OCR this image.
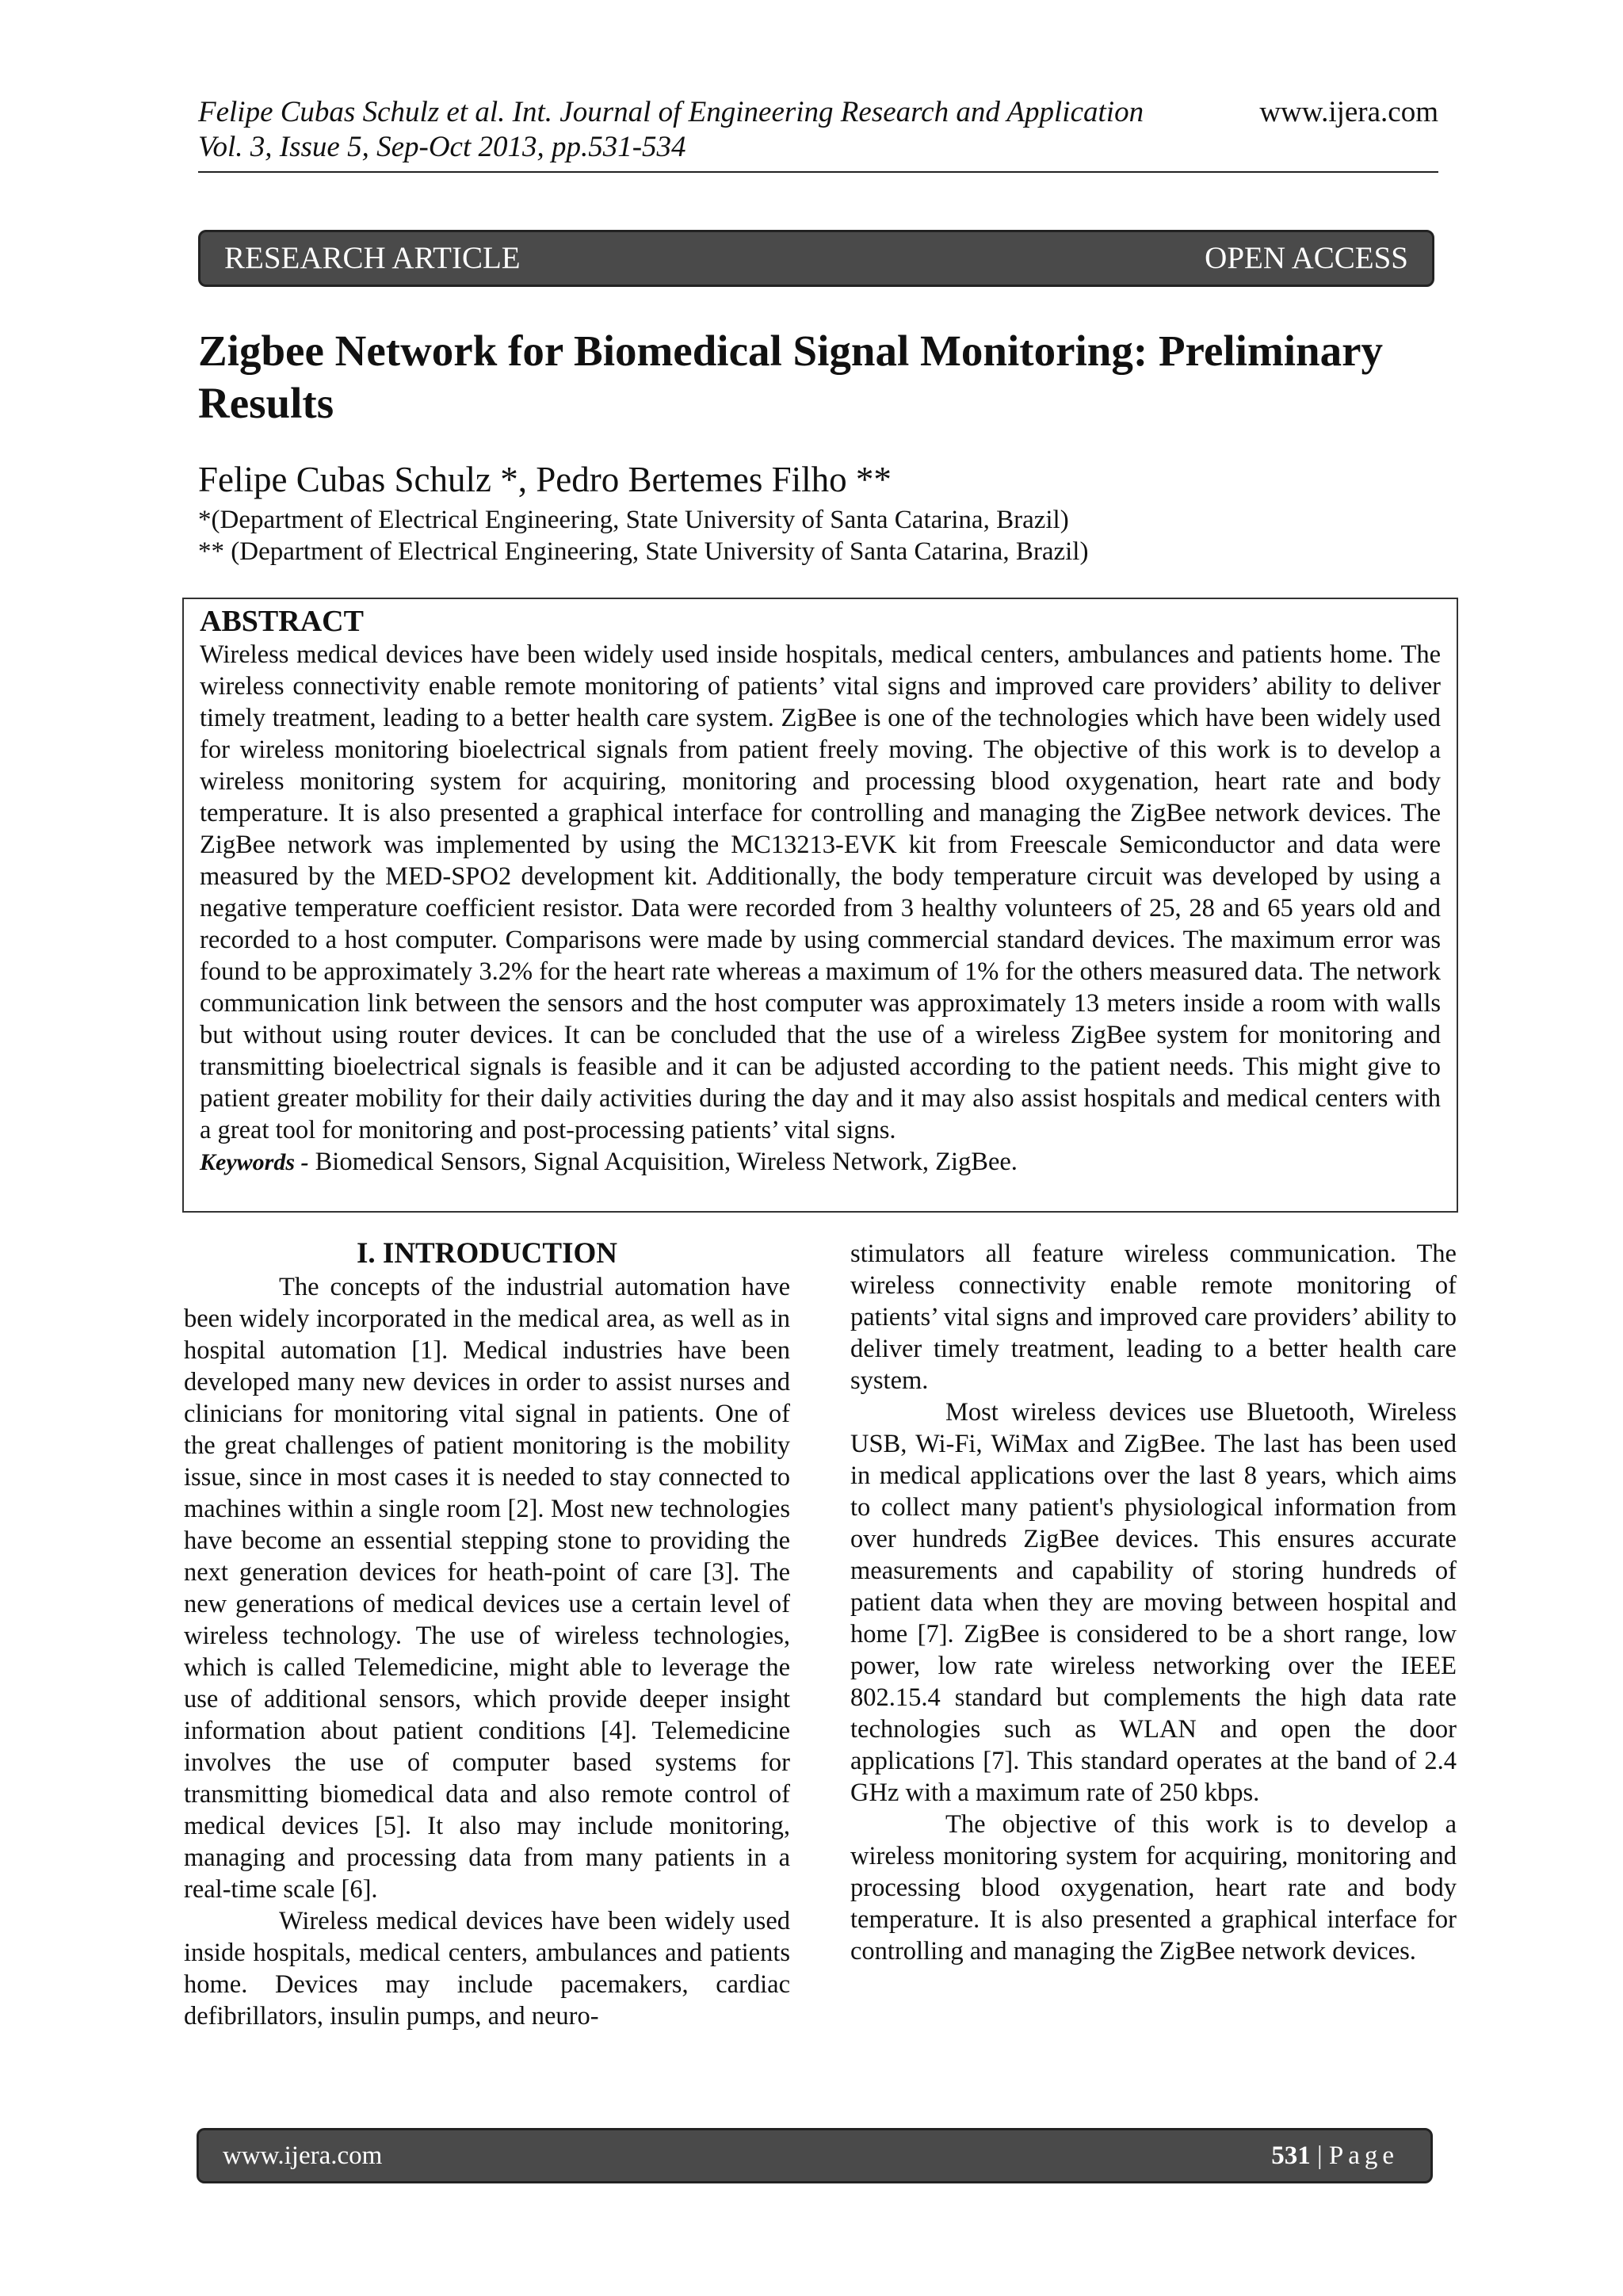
Felipe Cubas Schulz et al. Int. Journal of Engineering Research and Application
Vol. 3, Issue 5, Sep-Oct 2013, pp.531-534
www.ijera.com
RESEARCH ARTICLE	OPEN ACCESS
Zigbee Network for Biomedical Signal Monitoring: Preliminary Results

Felipe Cubas Schulz *, Pedro Bertemes Filho **

*(Department of Electrical Engineering, State University of Santa Catarina, Brazil)
** (Department of Electrical Engineering, State University of Santa Catarina, Brazil)

ABSTRACT

Wireless medical devices have been widely used inside hospitals, medical centers, ambulances and patients home. The wireless connectivity enable remote monitoring of patients’ vital signs and improved care providers’ ability to deliver timely treatment, leading to a better health care system. ZigBee is one of the technologies which have been widely used for wireless monitoring bioelectrical signals from patient freely moving. The objective of this work is to develop a wireless monitoring system for acquiring, monitoring and processing blood oxygenation, heart rate and body temperature. It is also presented a graphical interface for controlling and managing the ZigBee network devices. The ZigBee network was implemented by using the MC13213-EVK kit from Freescale Semiconductor and data were measured by the MED-SPO2 development kit. Additionally, the body temperature circuit was developed by using a negative temperature coefficient resistor. Data were recorded from 3 healthy volunteers of 25, 28 and 65 years old and recorded to a host computer. Comparisons were made by using commercial standard devices. The maximum error was found to be approximately 3.2% for the heart rate whereas a maximum of 1% for the others measured data. The network communication link between the sensors and the host computer was approximately 13 meters inside a room with walls but without using router devices. It can be concluded that the use of a wireless ZigBee system for monitoring and transmitting bioelectrical signals is feasible and it can be adjusted according to the patient needs. This might give to patient greater mobility for their daily activities during the day and it may also assist hospitals and medical centers with a great tool for monitoring and post-processing patients’ vital signs.

Keywords - Biomedical Sensors, Signal Acquisition, Wireless Network, ZigBee.

I. INTRODUCTION

The concepts of the industrial automation have been widely incorporated in the medical area, as well as in hospital automation [1]. Medical industries have been developed many new devices in order to assist nurses and clinicians for monitoring vital signal in patients. One of the great challenges of patient monitoring is the mobility issue, since in most cases it is needed to stay connected to machines within a single room [2]. Most new technologies have become an essential stepping stone to providing the next generation devices for heath-point of care [3]. The new generations of medical devices use a certain level of wireless technology. The use of wireless technologies, which is called Telemedicine, might able to leverage the use of additional sensors, which provide deeper insight information about patient conditions [4]. Telemedicine involves the use of computer based systems for transmitting biomedical data and also remote control of medical devices [5]. It also may include monitoring, managing and processing data from many patients in a real-time scale [6].

Wireless medical devices have been widely used inside hospitals, medical centers, ambulances and patients home. Devices may include pacemakers, cardiac defibrillators, insulin pumps, and neuro-

stimulators all feature wireless communication. The wireless connectivity enable remote monitoring of patients’ vital signs and improved care providers’ ability to deliver timely treatment, leading to a better health care system.

Most wireless devices use Bluetooth, Wireless USB, Wi-Fi, WiMax and ZigBee. The last has been used in medical applications over the last 8 years, which aims to collect many patient's physiological information from over hundreds ZigBee devices. This ensures accurate measurements and capability of storing hundreds of patient data when they are moving between hospital and home [7]. ZigBee is considered to be a short range, low power, low rate wireless networking over the IEEE 802.15.4 standard but complements the high data rate technologies such as WLAN and open the door applications [7]. This standard operates at the band of 2.4 GHz with a maximum rate of 250 kbps.

The objective of this work is to develop a wireless monitoring system for acquiring, monitoring and processing blood oxygenation, heart rate and body temperature. It is also presented a graphical interface for controlling and managing the ZigBee network devices.

www.ijera.com	531 | Page
